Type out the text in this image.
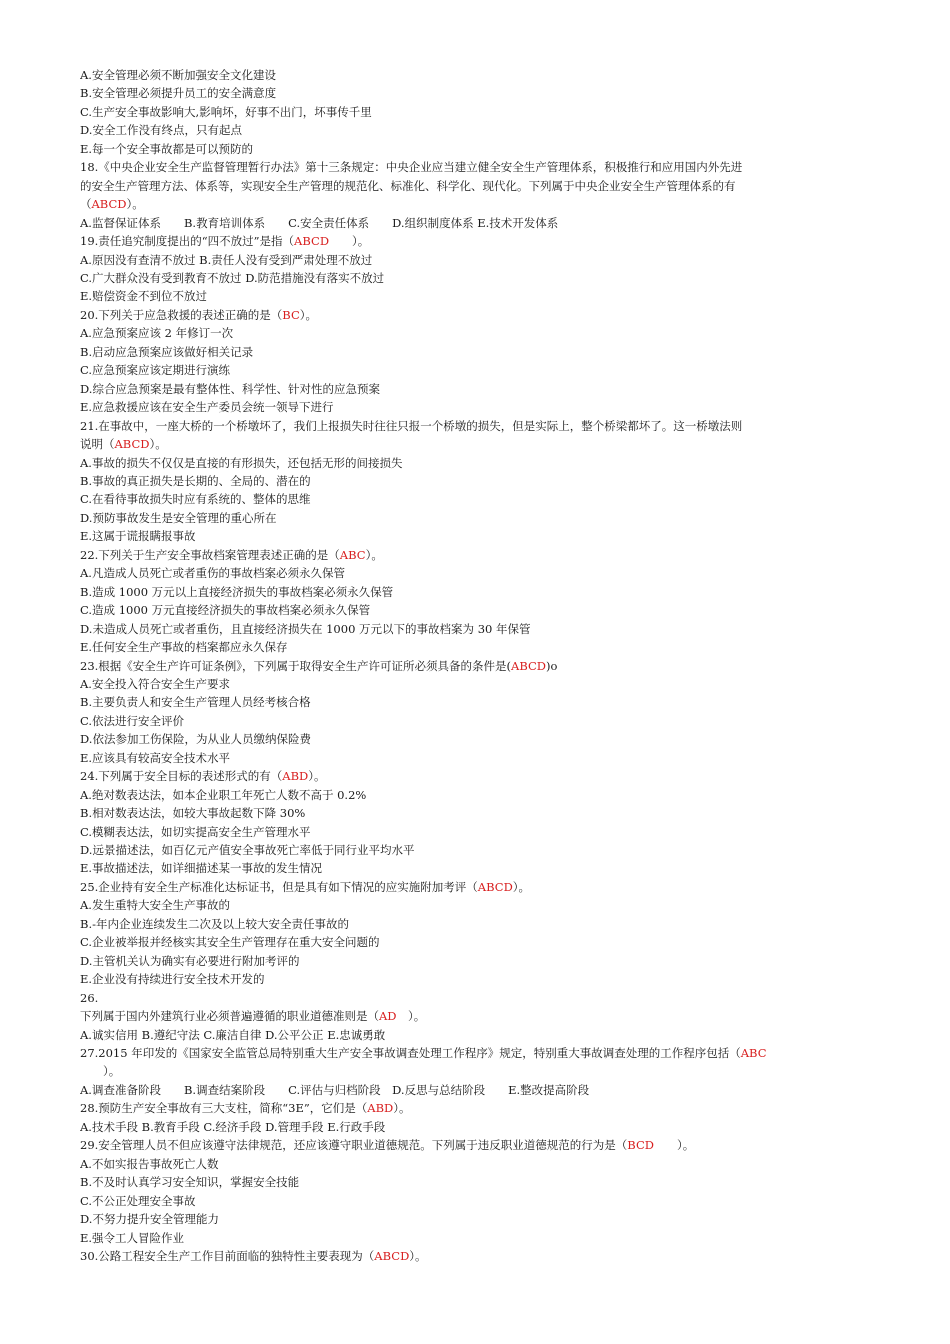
A.安全管理必须不断加强安全文化建设
B.安全管理必须提升员工的安全满意度
C.生产安全事故影响大,影响坏，好事不出门，坏事传千里
D.安全工作没有终点，只有起点
E.每一个安全事故都是可以预防的
18.《中央企业安全生产监督管理暂行办法》第十三条规定：中央企业应当建立健全安全生产管理体系，积极推行和应用国内外先进
的安全生产管理方法、体系等，实现安全生产管理的规范化、标准化、科学化、现代化。下列属于中央企业安全生产管理体系的有
（ABCD）。
A.监督保证体系　　B.教育培训体系　　C.安全责任体系　　D.组织制度体系 E.技术开发体系
19.责任追究制度提出的“四不放过”是指（ABCD　　）。
A.原因没有查清不放过 B.责任人没有受到严肃处理不放过
C.广大群众没有受到教育不放过 D.防范措施没有落实不放过
E.赔偿资金不到位不放过
20.下列关于应急救援的表述正确的是（BC）。
A.应急预案应该 2 年修订一次
B.启动应急预案应该做好相关记录
C.应急预案应该定期进行演练
D.综合应急预案是最有整体性、科学性、针对性的应急预案
E.应急救援应该在安全生产委员会统一领导下进行
21.在事故中，一座大桥的一个桥墩坏了，我们上报损失时往往只报一个桥墩的损失，但是实际上，整个桥梁都坏了。这一桥墩法则
说明（ABCD）。
A.事故的损失不仅仅是直接的有形损失，还包括无形的间接损失
B.事故的真正损失是长期的、全局的、潜在的
C.在看待事故损失时应有系统的、整体的思维
D.预防事故发生是安全管理的重心所在
E.这属于谎报瞒报事故
22.下列关于生产安全事故档案管理表述正确的是（ABC）。
A.凡造成人员死亡或者重伤的事故档案必须永久保管
B.造成 1000 万元以上直接经济损失的事故档案必须永久保管
C.造成 1000 万元直接经济损失的事故档案必须永久保管
D.未造成人员死亡或者重伤，且直接经济损失在 1000 万元以下的事故档案为 30 年保管
E.任何安全生产事故的档案都应永久保存
23.根据《安全生产许可证条例》，下列属于取得安全生产许可证所必须具备的条件是(ABCD)o
A.安全投入符合安全生产要求
B.主要负责人和安全生产管理人员经考核合格
C.依法进行安全评价
D.依法参加工伤保险，为从业人员缴纳保险费
E.应该具有较高安全技术水平
24.下列属于安全目标的表述形式的有（ABD）。
A.绝对数表达法，如本企业职工年死亡人数不高于 0.2%
B.相对数表达法，如较大事故起数下降 30%
C.模糊表达法，如切实提高安全生产管理水平
D.远景描述法，如百亿元产值安全事故死亡率低于同行业平均水平
E.事故描述法，如详细描述某一事故的发生情况
25.企业持有安全生产标准化达标证书，但是具有如下情况的应实施附加考评（ABCD）。
A.发生重特大安全生产事故的
B.-年内企业连续发生二次及以上较大安全责任事故的
C.企业被举报并经核实其安全生产管理存在重大安全问题的
D.主管机关认为确实有必要进行附加考评的
E.企业没有持续进行安全技术开发的
26.
下列属于国内外建筑行业必须普遍遵循的职业道德准则是（AD　）。
A.诚实信用 B.遵纪守法 C.廉洁自律 D.公平公正 E.忠诚勇敢
27.2015 年印发的《国家安全监管总局特别重大生产安全事故调查处理工作程序》规定，特别重大事故调查处理的工作程序包括（ABC
　　）。
A.调查准备阶段　　B.调查结案阶段　　C.评估与归档阶段　D.反思与总结阶段　　E.整改提高阶段
28.预防生产安全事故有三大支柱，简称“3E”，它们是（ABD）。
A.技术手段 B.教育手段 C.经济手段 D.管理手段 E.行政手段
29.安全管理人员不但应该遵守法律规范，还应该遵守职业道德规范。下列属于违反职业道德规范的行为是（BCD　　）。
A.不如实报告事故死亡人数
B.不及时认真学习安全知识，掌握安全技能
C.不公正处理安全事故
D.不努力提升安全管理能力
E.强令工人冒险作业
30.公路工程安全生产工作目前面临的独特性主要表现为（ABCD）。
